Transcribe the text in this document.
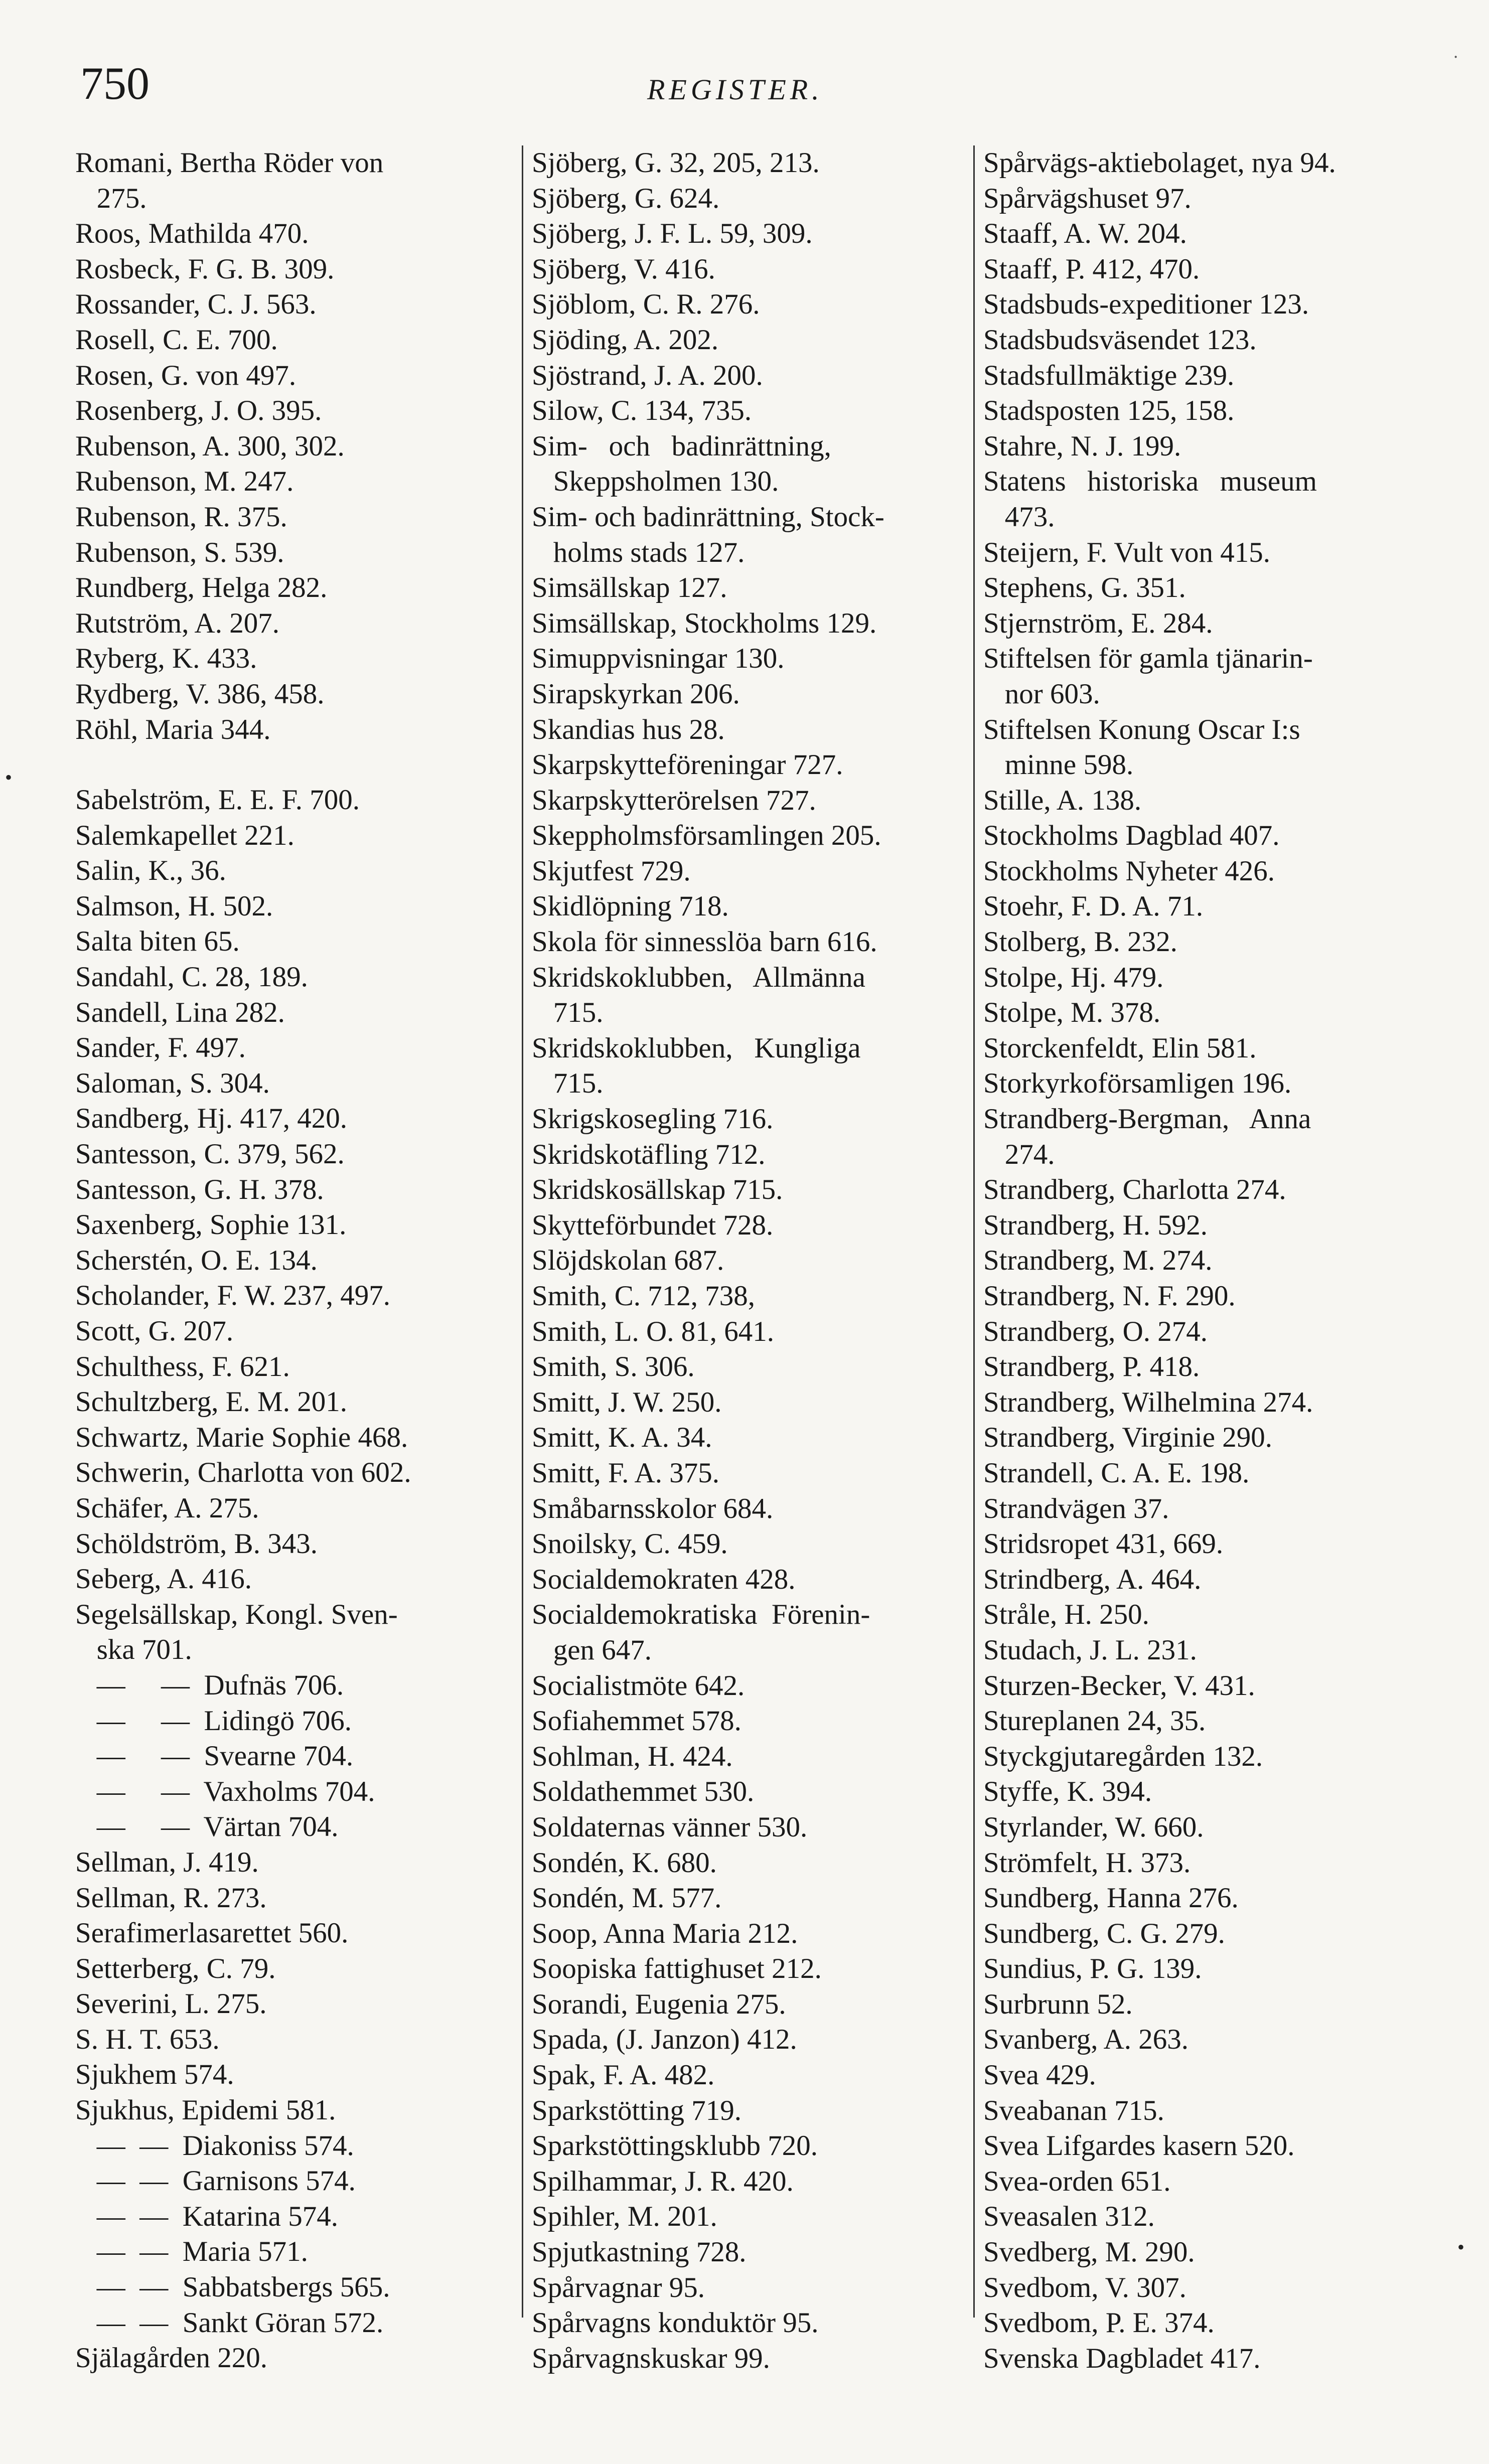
750	REGISTER.
˙
•
•
Romani, Bertha Röder von
275.
Roos, Mathilda 470.
Rosbeck, F. G. B. 309.
Rossander, C. J. 563.
Rosell, C. E. 700.
Rosen, G. von 497.
Rosenberg, J. O. 395.
Rubenson, A. 300, 302.
Rubenson, M. 247.
Rubenson, R. 375.
Rubenson, S. 539.
Rundberg, Helga 282.
Rutström, A. 207.
Ryberg, K. 433.
Rydberg, V. 386, 458.
Röhl, Maria 344.
Sabelström, E. E. F. 700.
Salemkapellet 221.
Salin, K., 36.
Salmson, H. 502.
Salta biten 65.
Sandahl, C. 28, 189.
Sandell, Lina 282.
Sander, F. 497.
Saloman, S. 304.
Sandberg, Hj. 417, 420.
Santesson, C. 379, 562.
Santesson, G. H. 378.
Saxenberg, Sophie 131.
Scherstén, O. E. 134.
Scholander, F. W. 237, 497.
Scott, G. 207.
Schulthess, F. 621.
Schultzberg, E. M. 201.
Schwartz, Marie Sophie 468.
Schwerin, Charlotta von 602.
Schäfer, A. 275.
Schöldström, B. 343.
Seberg, A. 416.
Segelsällskap, Kongl. Sven-
ska 701.
—     —  Dufnäs 706.
—     —  Lidingö 706.
—     —  Svearne 704.
—     —  Vaxholms 704.
—     —  Värtan 704.
Sellman, J. 419.
Sellman, R. 273.
Serafimerlasarettet 560.
Setterberg, C. 79.
Severini, L. 275.
S. H. T. 653.
Sjukhem 574.
Sjukhus, Epidemi 581.
—  —  Diakoniss 574.
—  —  Garnisons 574.
—  —  Katarina 574.
—  —  Maria 571.
—  —  Sabbatsbergs 565.
—  —  Sankt Göran 572.
Själagården 220.
Sjöberg, G. 32, 205, 213.
Sjöberg, G. 624.
Sjöberg, J. F. L. 59, 309.
Sjöberg, V. 416.
Sjöblom, C. R. 276.
Sjöding, A. 202.
Sjöstrand, J. A. 200.
Silow, C. 134, 735.
Sim-   och   badinrättning,
Skeppsholmen 130.
Sim- och badinrättning, Stock-
holms stads 127.
Simsällskap 127.
Simsällskap, Stockholms 129.
Simuppvisningar 130.
Sirapskyrkan 206.
Skandias hus 28.
Skarpskytteföreningar 727.
Skarpskytterörelsen 727.
Skeppholmsförsamlingen 205.
Skjutfest 729.
Skidlöpning 718.
Skola för sinnesslöa barn 616.
Skridskoklubben,   Allmänna
715.
Skridskoklubben,   Kungliga
715.
Skrigskosegling 716.
Skridskotäfling 712.
Skridskosällskap 715.
Skytteförbundet 728.
Slöjdskolan 687.
Smith, C. 712, 738,
Smith, L. O. 81, 641.
Smith, S. 306.
Smitt, J. W. 250.
Smitt, K. A. 34.
Smitt, F. A. 375.
Småbarnsskolor 684.
Snoilsky, C. 459.
Socialdemokraten 428.
Socialdemokratiska  Förenin-
gen 647.
Socialistmöte 642.
Sofiahemmet 578.
Sohlman, H. 424.
Soldathemmet 530.
Soldaternas vänner 530.
Sondén, K. 680.
Sondén, M. 577.
Soop, Anna Maria 212.
Soopiska fattighuset 212.
Sorandi, Eugenia 275.
Spada, (J. Janzon) 412.
Spak, F. A. 482.
Sparkstötting 719.
Sparkstöttingsklubb 720.
Spilhammar, J. R. 420.
Spihler, M. 201.
Spjutkastning 728.
Spårvagnar 95.
Spårvagns konduktör 95.
Spårvagnskuskar 99.
Spårvägs-aktiebolaget, nya 94.
Spårvägshuset 97.
Staaff, A. W. 204.
Staaff, P. 412, 470.
Stadsbuds-expeditioner 123.
Stadsbudsväsendet 123.
Stadsfullmäktige 239.
Stadsposten 125, 158.
Stahre, N. J. 199.
Statens   historiska   museum
473.
Steijern, F. Vult von 415.
Stephens, G. 351.
Stjernström, E. 284.
Stiftelsen för gamla tjänarin-
nor 603.
Stiftelsen Konung Oscar I:s
minne 598.
Stille, A. 138.
Stockholms Dagblad 407.
Stockholms Nyheter 426.
Stoehr, F. D. A. 71.
Stolberg, B. 232.
Stolpe, Hj. 479.
Stolpe, M. 378.
Storckenfeldt, Elin 581.
Storkyrkoförsamligen 196.
Strandberg-Bergman,   Anna
274.
Strandberg, Charlotta 274.
Strandberg, H. 592.
Strandberg, M. 274.
Strandberg, N. F. 290.
Strandberg, O. 274.
Strandberg, P. 418.
Strandberg, Wilhelmina 274.
Strandberg, Virginie 290.
Strandell, C. A. E. 198.
Strandvägen 37.
Stridsropet 431, 669.
Strindberg, A. 464.
Stråle, H. 250.
Studach, J. L. 231.
Sturzen-Becker, V. 431.
Stureplanen 24, 35.
Styckgjutaregården 132.
Styffe, K. 394.
Styrlander, W. 660.
Strömfelt, H. 373.
Sundberg, Hanna 276.
Sundberg, C. G. 279.
Sundius, P. G. 139.
Surbrunn 52.
Svanberg, A. 263.
Svea 429.
Sveabanan 715.
Svea Lifgardes kasern 520.
Svea-orden 651.
Sveasalen 312.
Svedberg, M. 290.
Svedbom, V. 307.
Svedbom, P. E. 374.
Svenska Dagbladet 417.
